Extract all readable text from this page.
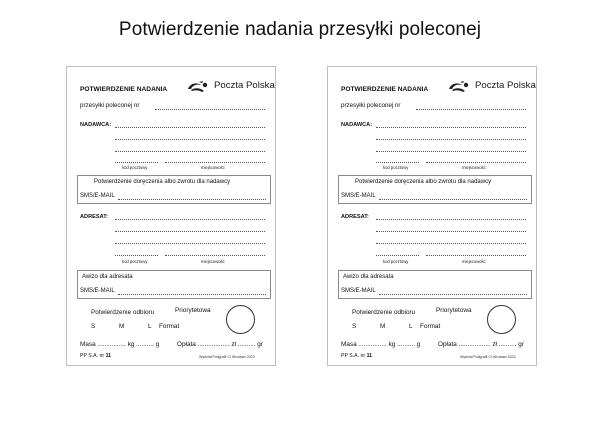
Potwierdzenie nadania przesyłki poleconej
POTWIERDZENIE NADANIA	Poczta Polska
przesyłki poleconej nr
NADAWCA:
kod pocztowy	miejscowość
Potwierdzenie doręczenia albo zwrotu dla nadawcy
SMS/E-MAIL
ADRESAT:
kod pocztowy	miejscowość
Awizo dla adresata
SMS/E-MAIL
Potwierdzenie odbioru	Priorytetowa
S	M	L Format
Masa ................ kg .......... g	Opłata .................. zł .......... gr
PP S.A. nr 11	Wydział Poligrafii CI Wrocław 2023
POTWIERDZENIE NADANIA	Poczta Polska
przesyłki poleconej nr
NADAWCA:
kod pocztowy	miejscowość
Potwierdzenie doręczenia albo zwrotu dla nadawcy
SMS/E-MAIL
ADRESAT:
kod pocztowy	miejscowość
Awizo dla adresata
SMS/E-MAIL
Potwierdzenie odbioru	Priorytetowa
S	M	L Format
Masa ................ kg .......... g	Opłata .................. zł .......... gr
PP S.A. nr 11	Wydział Poligrafii CI Wrocław 2023
